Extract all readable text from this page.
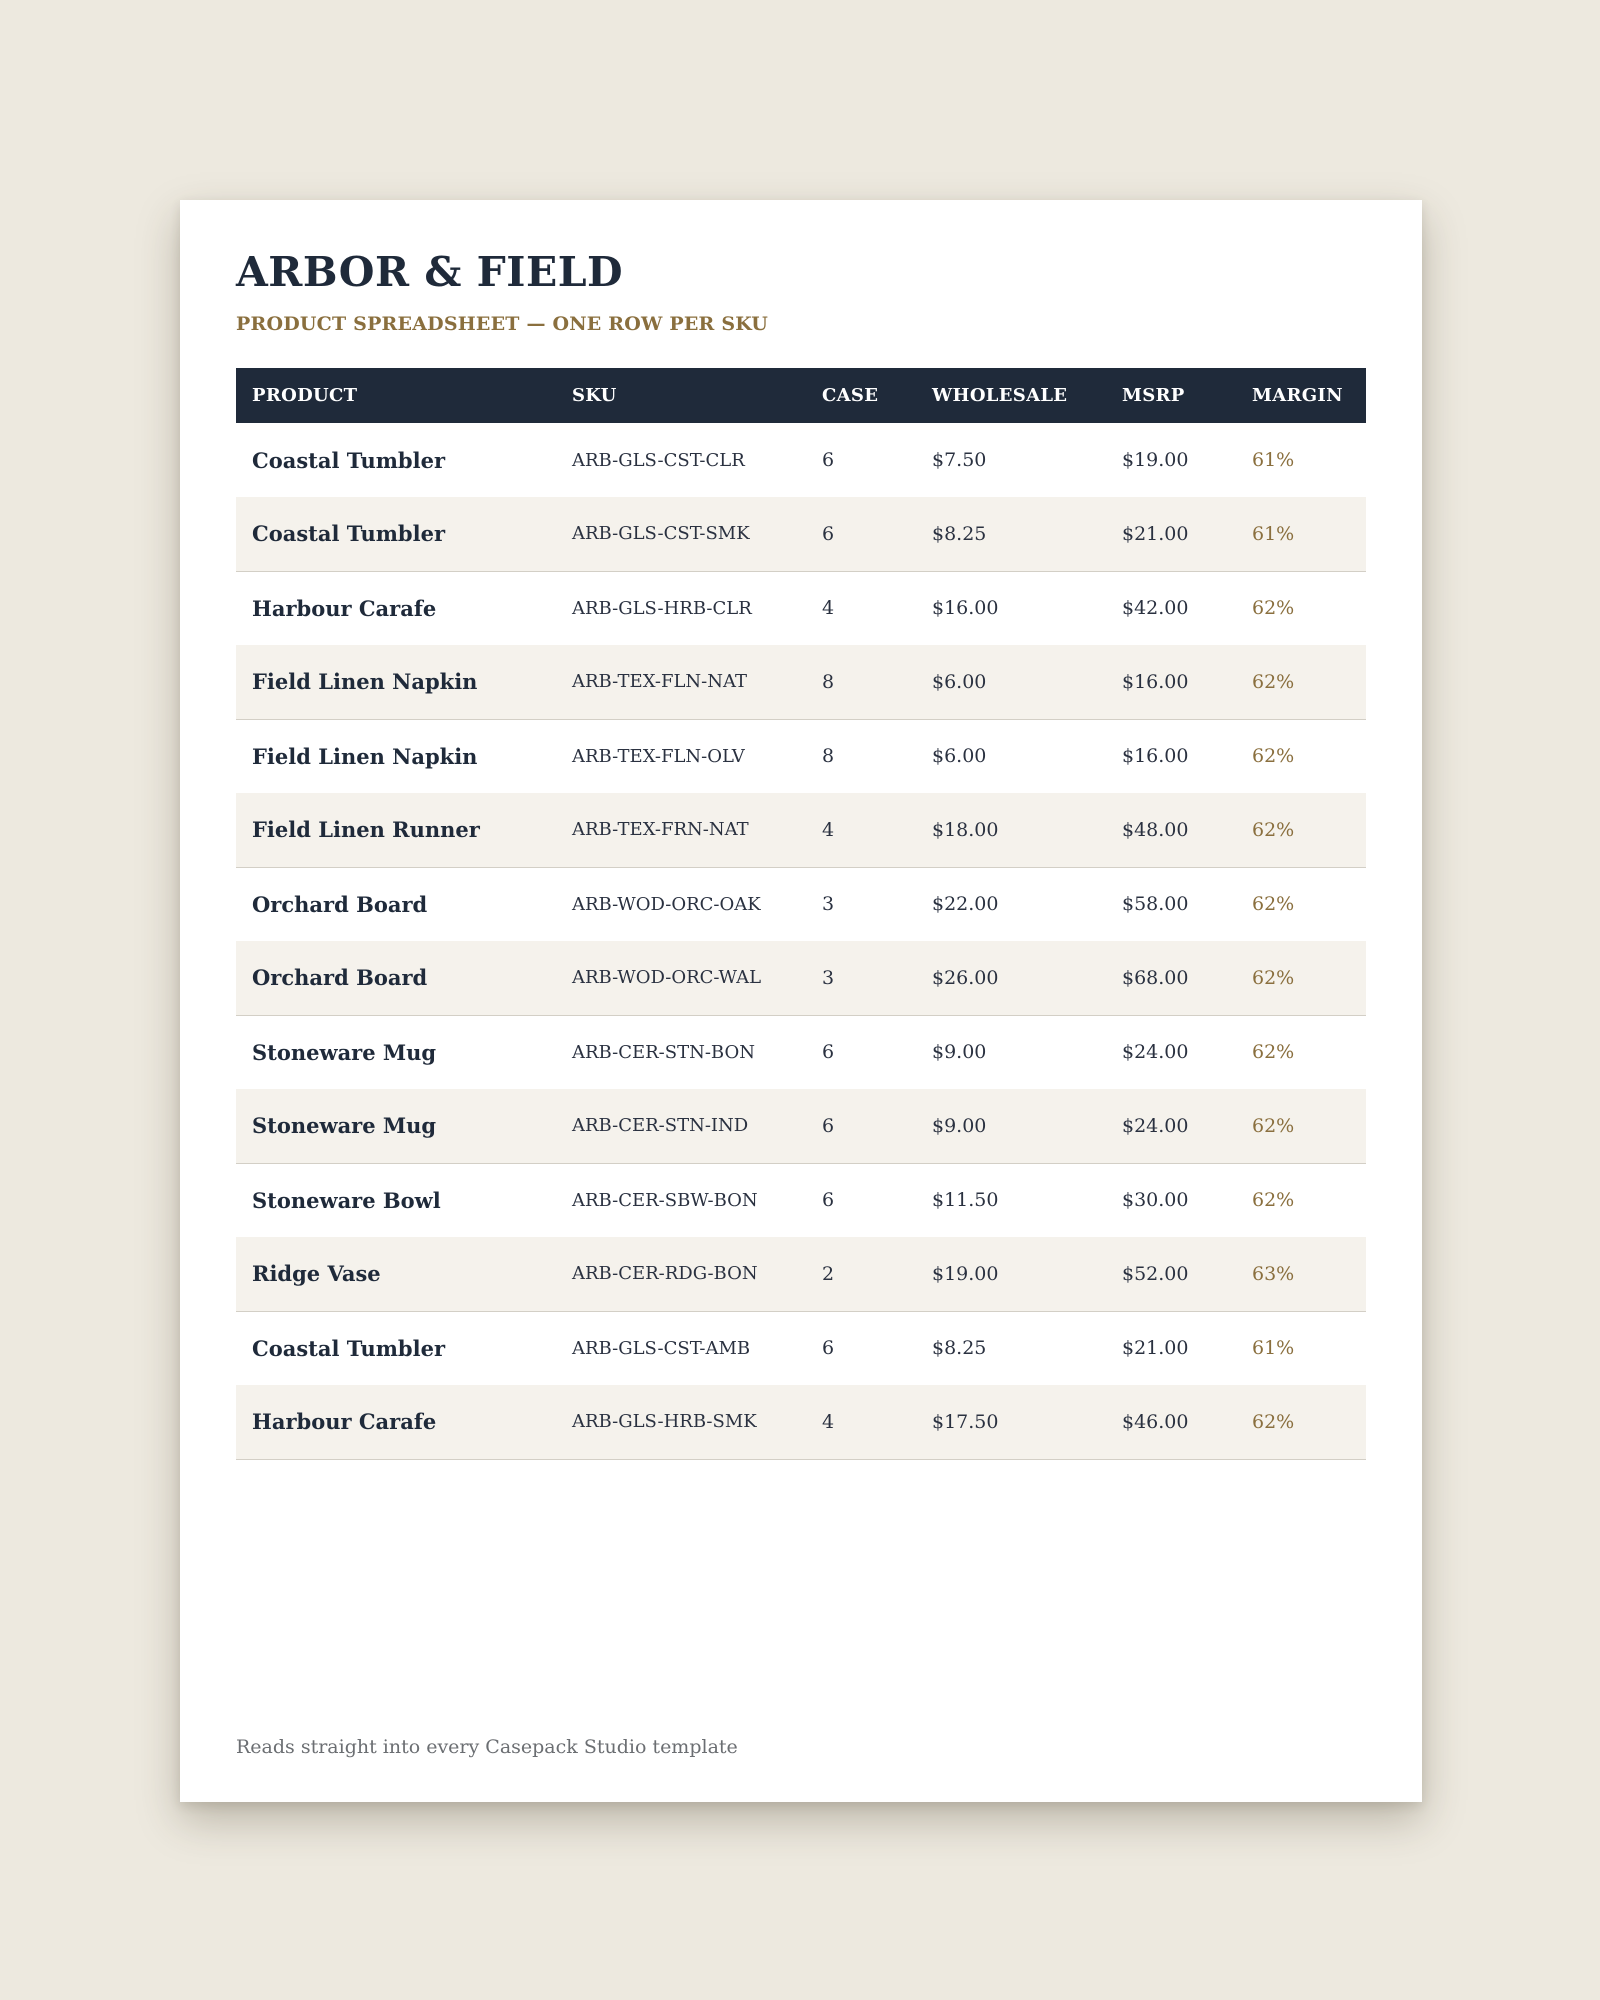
ARBOR & FIELD

PRODUCT SPREADSHEET — ONE ROW PER SKU

PRODUCT	SKU	CASE	WHOLESALE	MSRP	MARGIN
Coastal Tumbler	ARB-GLS-CST-CLR	6	$7.50	$19.00	61%
Coastal Tumbler	ARB-GLS-CST-SMK	6	$8.25	$21.00	61%
Harbour Carafe	ARB-GLS-HRB-CLR	4	$16.00	$42.00	62%
Field Linen Napkin	ARB-TEX-FLN-NAT	8	$6.00	$16.00	62%
Field Linen Napkin	ARB-TEX-FLN-OLV	8	$6.00	$16.00	62%
Field Linen Runner	ARB-TEX-FRN-NAT	4	$18.00	$48.00	62%
Orchard Board	ARB-WOD-ORC-OAK	3	$22.00	$58.00	62%
Orchard Board	ARB-WOD-ORC-WAL	3	$26.00	$68.00	62%
Stoneware Mug	ARB-CER-STN-BON	6	$9.00	$24.00	62%
Stoneware Mug	ARB-CER-STN-IND	6	$9.00	$24.00	62%
Stoneware Bowl	ARB-CER-SBW-BON	6	$11.50	$30.00	62%
Ridge Vase	ARB-CER-RDG-BON	2	$19.00	$52.00	63%
Coastal Tumbler	ARB-GLS-CST-AMB	6	$8.25	$21.00	61%
Harbour Carafe	ARB-GLS-HRB-SMK	4	$17.50	$46.00	62%

Reads straight into every Casepack Studio template
